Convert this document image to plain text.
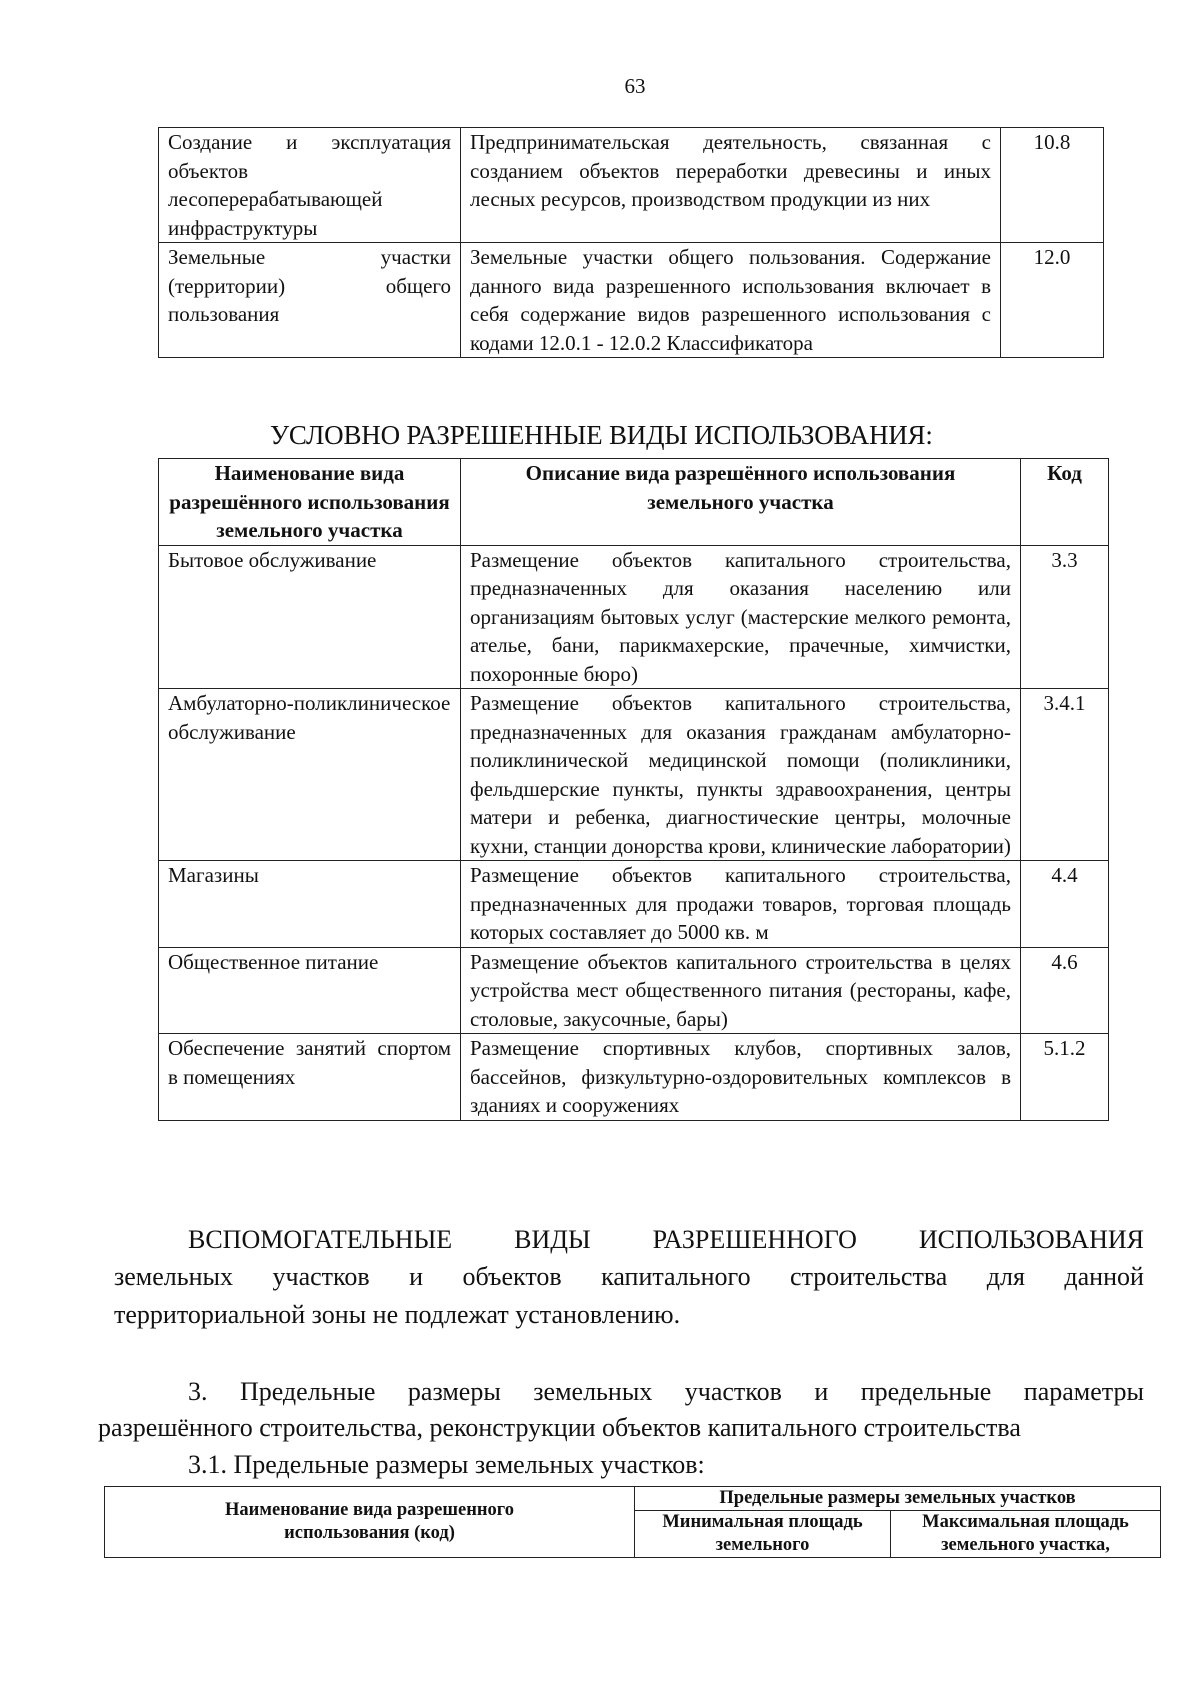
63
Создание и эксплуатация объектов лесоперерабатывающей инфраструктуры	Предпринимательская деятельность, связанная с созданием объектов переработки древесины и иных лесных ресурсов, производством продукции из них	10.8
Земельные участки (территории) общего пользования	Земельные участки общего пользования. Содержание данного вида разрешенного использования включает в себя содержание видов разрешенного использования с кодами 12.0.1 - 12.0.2 Классификатора	12.0
УСЛОВНО РАЗРЕШЕННЫЕ ВИДЫ ИСПОЛЬЗОВАНИЯ:
Наименование вида разрешённого использования земельного участка	Описание вида разрешённого использования земельного участка	Код
Бытовое обслуживание	Размещение объектов капитального строительства, предназначенных для оказания населению или организациям бытовых услуг (мастерские мелкого ремонта, ателье, бани, парикмахерские, прачечные, химчистки, похоронные бюро)	3.3
Амбулаторно-поликлиническое обслуживание	Размещение объектов капитального строительства, предназначенных для оказания гражданам амбулаторно-поликлинической медицинской помощи (поликлиники, фельдшерские пункты, пункты здравоохранения, центры матери и ребенка, диагностические центры, молочные кухни, станции донорства крови, клинические лаборатории)	3.4.1
Магазины	Размещение объектов капитального строительства, предназначенных для продажи товаров, торговая площадь которых составляет до 5000 кв. м	4.4
Общественное питание	Размещение объектов капитального строительства в целях устройства мест общественного питания (рестораны, кафе, столовые, закусочные, бары)	4.6
Обеспечение занятий спортом в помещениях	Размещение спортивных клубов, спортивных залов, бассейнов, физкультурно-оздоровительных комплексов в зданиях и сооружениях	5.1.2
ВСПОМОГАТЕЛЬНЫЕ ВИДЫ РАЗРЕШЕННОГО ИСПОЛЬЗОВАНИЯ
земельных участков и объектов капитального строительства для данной
территориальной зоны не подлежат установлению.
3. Предельные размеры земельных участков и предельные параметры
разрешённого строительства, реконструкции объектов капитального строительства
3.1. Предельные размеры земельных участков:
Наименование вида разрешенного использования (код)	Предельные размеры земельных участков	
	Минимальная площадь земельного	Максимальная площадь земельного участка,
